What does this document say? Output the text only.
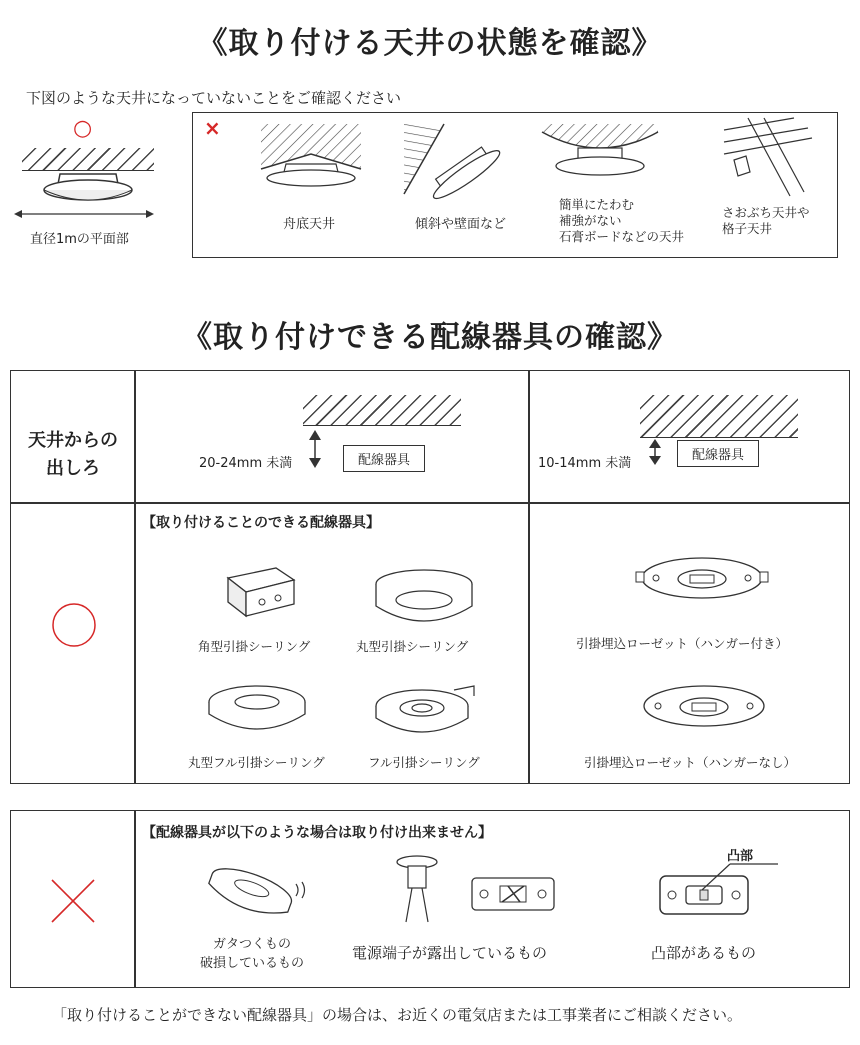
《取り付ける天井の状態を確認》
下図のような天井になっていないことをご確認ください
○
直径1mの平面部
×
舟底天井	傾斜や壁面など
簡単にたわむ
補強がない
石膏ボードなどの天井
さおぶち天井や
格子天井
《取り付けできる配線器具の確認》
天井からの
出しろ	20-24mm 未満	配線器具	10-14mm 未満
配線器具
【取り付けることのできる配線器具】
角型引掛シーリング	丸型引掛シーリング
丸型フル引掛シーリング	フル引掛シーリング
引掛埋込ローゼット（ハンガー付き）
引掛埋込ローゼット（ハンガーなし）
【配線器具が以下のような場合は取り付け出来ません】
凸部
ガタつくもの
破損しているもの
電源端子が露出しているもの	凸部があるもの
「取り付けることができない配線器具」の場合は、お近くの電気店または工事業者にご相談ください。
